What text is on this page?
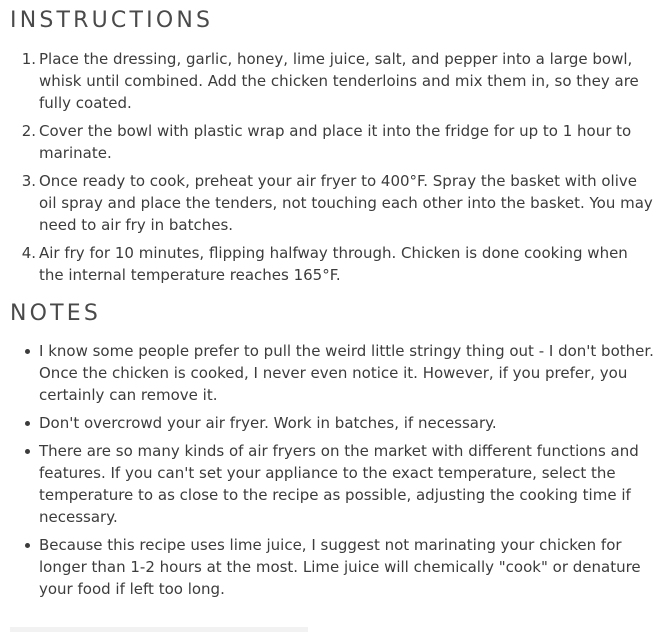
INSTRUCTIONS
1. Place the dressing, garlic, honey, lime juice, salt, and pepper into a large bowl, whisk until combined. Add the chicken tenderloins and mix them in, so they are fully coated.
2. Cover the bowl with plastic wrap and place it into the fridge for up to 1 hour to marinate.
3. Once ready to cook, preheat your air fryer to 400°F. Spray the basket with olive oil spray and place the tenders, not touching each other into the basket. You may need to air fry in batches.
4. Air fry for 10 minutes, flipping halfway through. Chicken is done cooking when the internal temperature reaches 165°F.
NOTES
I know some people prefer to pull the weird little stringy thing out - I don't bother. Once the chicken is cooked, I never even notice it. However, if you prefer, you certainly can remove it.
Don't overcrowd your air fryer. Work in batches, if necessary.
There are so many kinds of air fryers on the market with different functions and features. If you can't set your appliance to the exact temperature, select the temperature to as close to the recipe as possible, adjusting the cooking time if necessary.
Because this recipe uses lime juice, I suggest not marinating your chicken for longer than 1-2 hours at the most. Lime juice will chemically "cook" or denature your food if left too long.
